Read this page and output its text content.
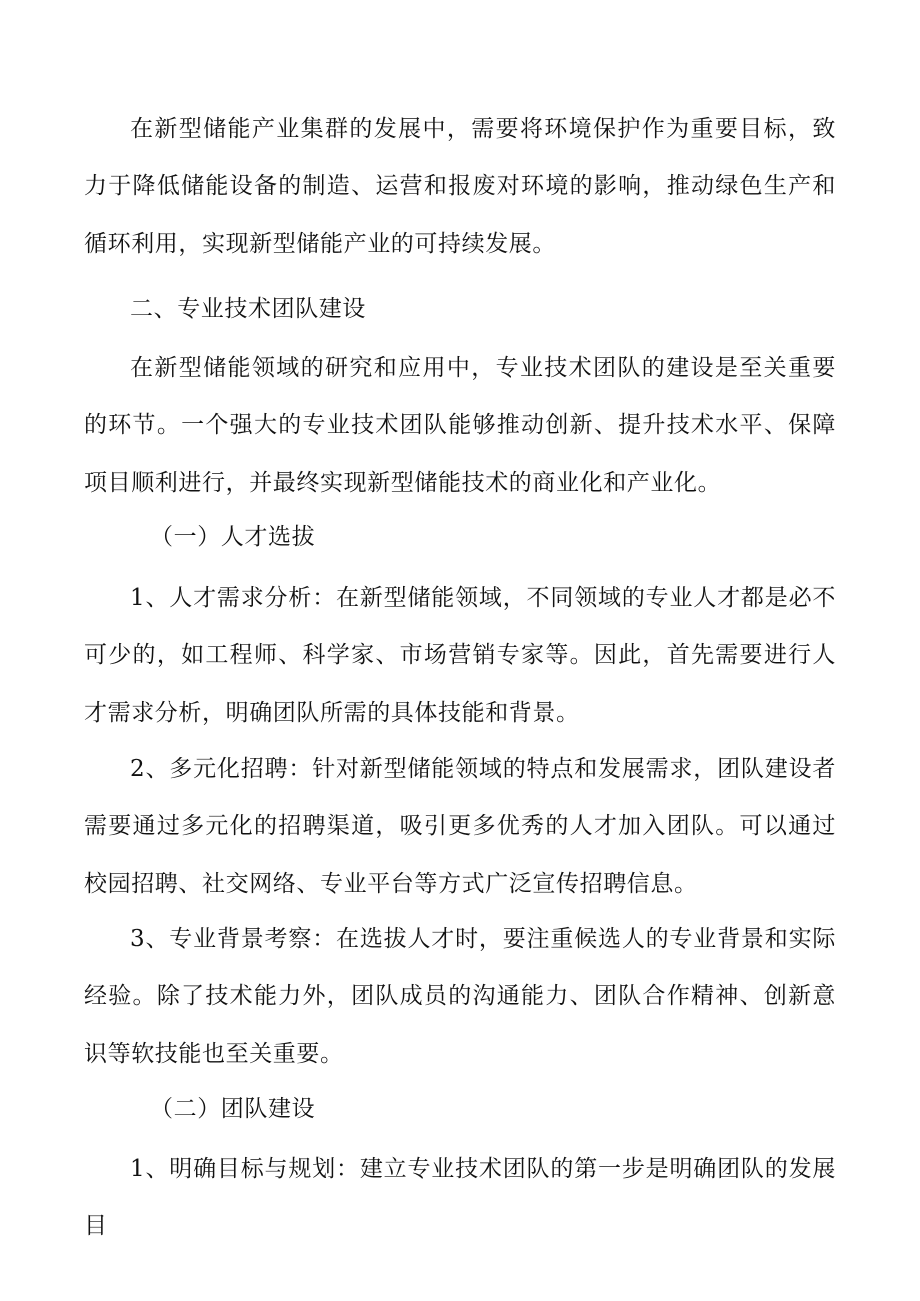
在新型储能产业集群的发展中，需要将环境保护作为重要目标，致力于降低储能设备的制造、运营和报废对环境的影响，推动绿色生产和循环利用，实现新型储能产业的可持续发展。

二、专业技术团队建设

在新型储能领域的研究和应用中，专业技术团队的建设是至关重要的环节。一个强大的专业技术团队能够推动创新、提升技术水平、保障项目顺利进行，并最终实现新型储能技术的商业化和产业化。

（一）人才选拔

1、人才需求分析：在新型储能领域，不同领域的专业人才都是必不可少的，如工程师、科学家、市场营销专家等。因此，首先需要进行人才需求分析，明确团队所需的具体技能和背景。

2、多元化招聘：针对新型储能领域的特点和发展需求，团队建设者需要通过多元化的招聘渠道，吸引更多优秀的人才加入团队。可以通过校园招聘、社交网络、专业平台等方式广泛宣传招聘信息。

3、专业背景考察：在选拔人才时，要注重候选人的专业背景和实际经验。除了技术能力外，团队成员的沟通能力、团队合作精神、创新意识等软技能也至关重要。

（二）团队建设

1、明确目标与规划：建立专业技术团队的第一步是明确团队的发展目
